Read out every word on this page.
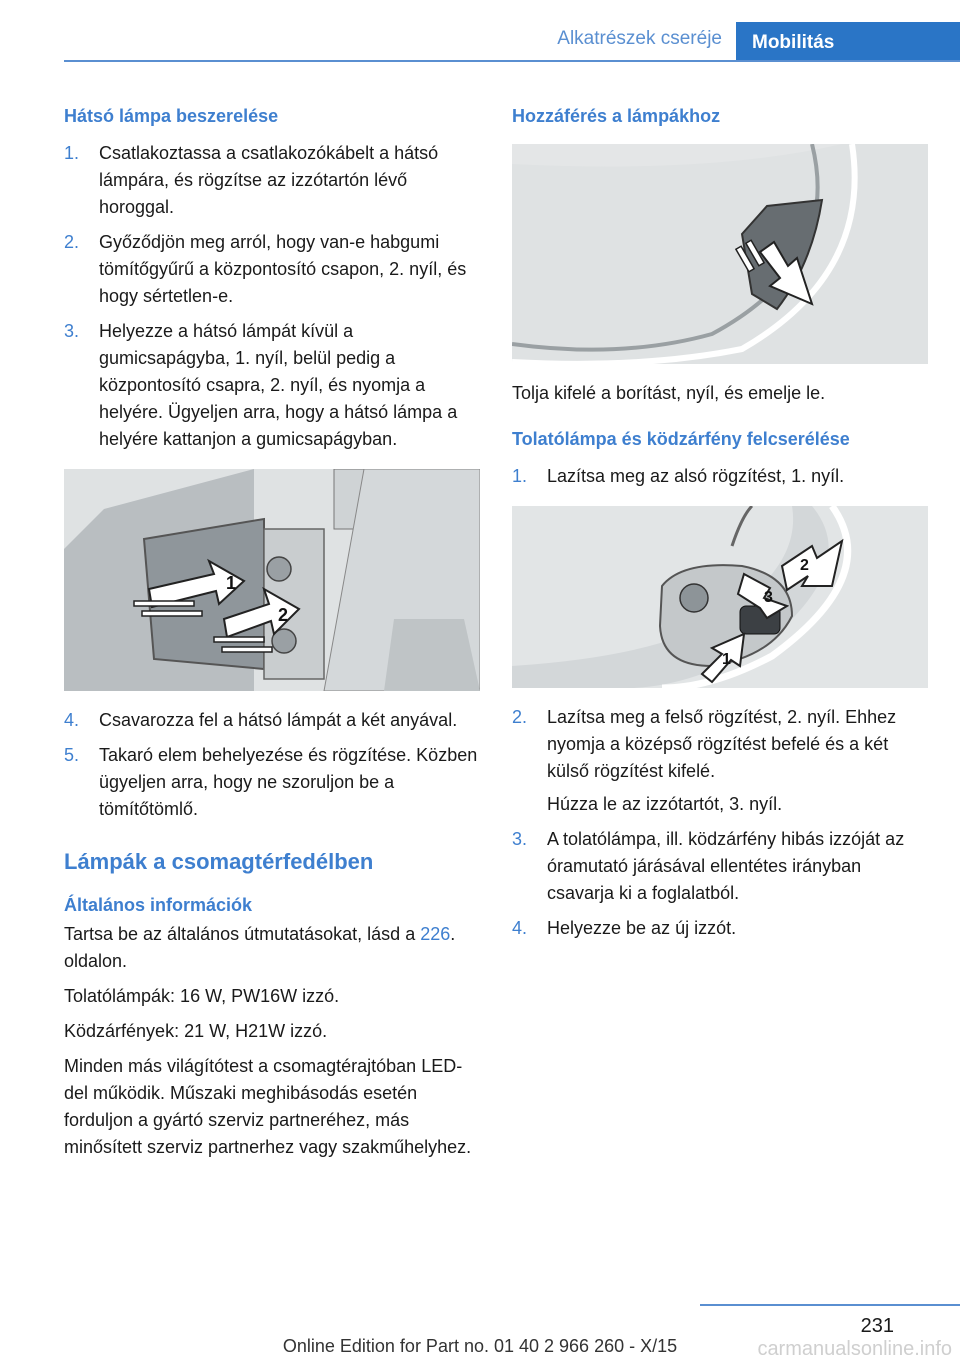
Alkatrészek cseréje	Mobilitás
Hátsó lámpa beszerelése
1. Csatlakoztassa a csatlakozókábelt a hátsó lámpára, és rögzítse az izzótartón lévő horoggal.
2. Győződjön meg arról, hogy van-e habgumi tömítőgyűrű a központosító csapon, 2. nyíl, és hogy sértetlen-e.
3. Helyezze a hátsó lámpát kívül a gumicsapágyba, 1. nyíl, belül pedig a központosító csapra, 2. nyíl, és nyomja a helyére. Ügyeljen arra, hogy a hátsó lámpa a helyére kattanjon a gumicsapágyban.
1
2
4. Csavarozza fel a hátsó lámpát a két anyával.
5. Takaró elem behelyezése és rögzítése. Közben ügyeljen arra, hogy ne szoruljon be a tömítőtömlő.
Lámpák a csomagtérfedélben
Általános információk

Tartsa be az általános útmutatásokat, lásd a 226. oldalon.

Tolatólámpák: 16 W, PW16W izzó.

Ködzárfények: 21 W, H21W izzó.

Minden más világítótest a csomagtérajtóban LED-del működik. Műszaki meghibásodás esetén forduljon a gyártó szerviz partneréhez, más minősített szerviz partnerhez vagy szakműhelyhez.

Hozzáférés a lámpákhoz

Tolja kifelé a borítást, nyíl, és emelje le.

Tolatólámpa és ködzárfény felcserélése
1. Lazítsa meg az alsó rögzítést, 1. nyíl.
2
3
1
2. Lazítsa meg a felső rögzítést, 2. nyíl. Ehhez nyomja a középső rögzítést befelé és a két külső rögzítést kifelé.
Húzza le az izzótartót, 3. nyíl.
3. A tolatólámpa, ill. ködzárfény hibás izzóját az óramutató járásával ellentétes irányban csavarja ki a foglalatból.
4. Helyezze be az új izzót.
231
Online Edition for Part no. 01 40 2 966 260 - X/15	carmanualsonline.info
